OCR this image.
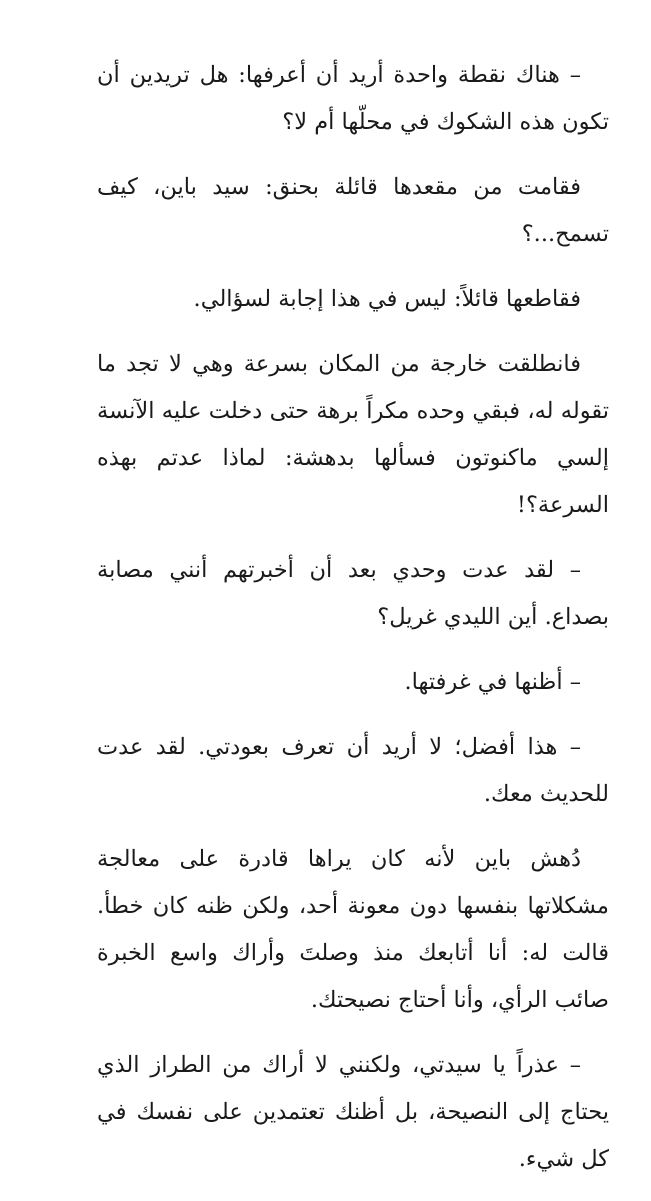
– هناك نقطة واحدة أريد أن أعرفها: هل تريدين أن تكون هذه الشكوك في محلّها أم لا؟

فقامت من مقعدها قائلة بحنق: سيد باين، كيف تسمح...؟

فقاطعها قائلاً: ليس في هذا إجابة لسؤالي.

فانطلقت خارجة من المكان بسرعة وهي لا تجد ما تقوله له، فبقي وحده مكراً برهة حتى دخلت عليه الآنسة إلسي ماكنوتون فسألها بدهشة: لماذا عدتم بهذه السرعة؟!

– لقد عدت وحدي بعد أن أخبرتهم أنني مصابة بصداع. أين الليدي غريل؟

– أظنها في غرفتها.

– هذا أفضل؛ لا أريد أن تعرف بعودتي. لقد عدت للحديث معك.

دُهش باين لأنه كان يراها قادرة على معالجة مشكلاتها بنفسها دون معونة أحد، ولكن ظنه كان خطأ. قالت له: أنا أتابعك منذ وصلتَ وأراك واسع الخبرة صائب الرأي، وأنا أحتاج نصيحتك.

– عذراً يا سيدتي، ولكنني لا أراك من الطراز الذي يحتاج إلى النصيحة، بل أظنك تعتمدين على نفسك في كل شيء.
